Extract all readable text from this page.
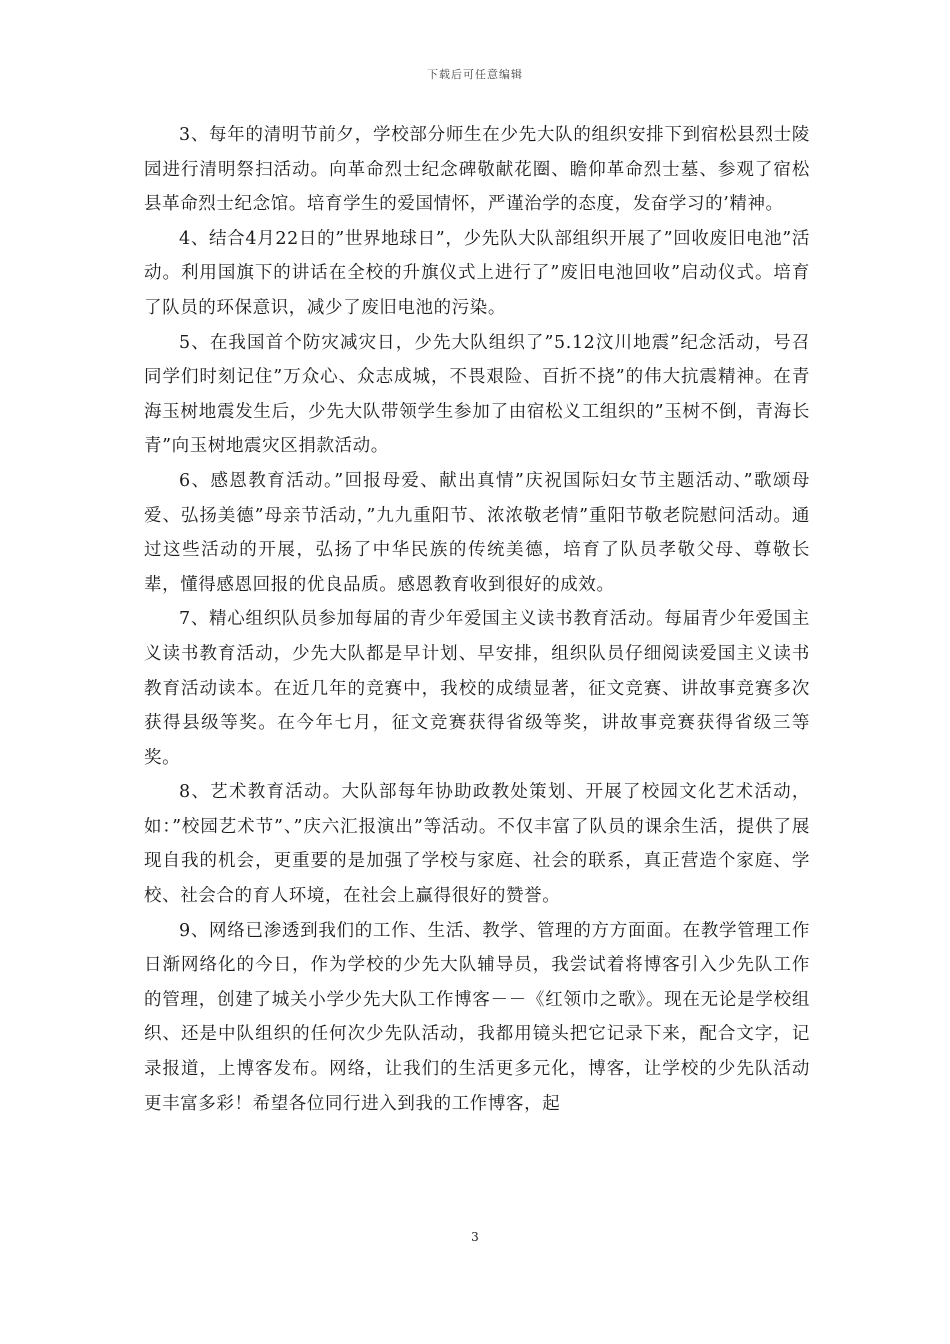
下载后可任意编辑

3、每年的清明节前夕，学校部分师生在少先大队的组织安排下到宿松县烈士陵园进行清明祭扫活动。向革命烈士纪念碑敬献花圈、瞻仰革命烈士墓、参观了宿松县革命烈士纪念馆。培育学生的爱国情怀，严谨治学的态度，发奋学习的’精神。

4、结合4月22日的”世界地球日”，少先队大队部组织开展了”回收废旧电池”活动。利用国旗下的讲话在全校的升旗仪式上进行了”废旧电池回收”启动仪式。培育了队员的环保意识，减少了废旧电池的污染。

5、在我国首个防灾减灾日，少先大队组织了”5.12汶川地震”纪念活动，号召同学们时刻记住”万众心、众志成城，不畏艰险、百折不挠”的伟大抗震精神。在青海玉树地震发生后，少先大队带领学生参加了由宿松义工组织的”玉树不倒，青海长青”向玉树地震灾区捐款活动。

6、感恩教育活动。”回报母爱、献出真情”庆祝国际妇女节主题活动、”歌颂母爱、弘扬美德”母亲节活动，”九九重阳节、浓浓敬老情”重阳节敬老院慰问活动。通过这些活动的开展，弘扬了中华民族的传统美德，培育了队员孝敬父母、尊敬长辈，懂得感恩回报的优良品质。感恩教育收到很好的成效。

7、精心组织队员参加每届的青少年爱国主义读书教育活动。每届青少年爱国主义读书教育活动，少先大队都是早计划、早安排，组织队员仔细阅读爱国主义读书教育活动读本。在近几年的竞赛中，我校的成绩显著，征文竞赛、讲故事竞赛多次获得县级等奖。在今年七月，征文竞赛获得省级等奖，讲故事竞赛获得省级三等奖。

8、艺术教育活动。大队部每年协助政教处策划、开展了校园文化艺术活动，如：”校园艺术节”、”庆六汇报演出”等活动。不仅丰富了队员的课余生活，提供了展现自我的机会，更重要的是加强了学校与家庭、社会的联系，真正营造个家庭、学校、社会合的育人环境，在社会上赢得很好的赞誉。

9、网络已渗透到我们的工作、生活、教学、管理的方方面面。在教学管理工作日渐网络化的今日，作为学校的少先大队辅导员，我尝试着将博客引入少先队工作的管理，创建了城关小学少先大队工作博客－－《红领巾之歌》。现在无论是学校组织、还是中队组织的任何次少先队活动，我都用镜头把它记录下来，配合文字，记录报道，上博客发布。网络，让我们的生活更多元化，博客，让学校的少先队活动更丰富多彩！希望各位同行进入到我的工作博客，起

3
